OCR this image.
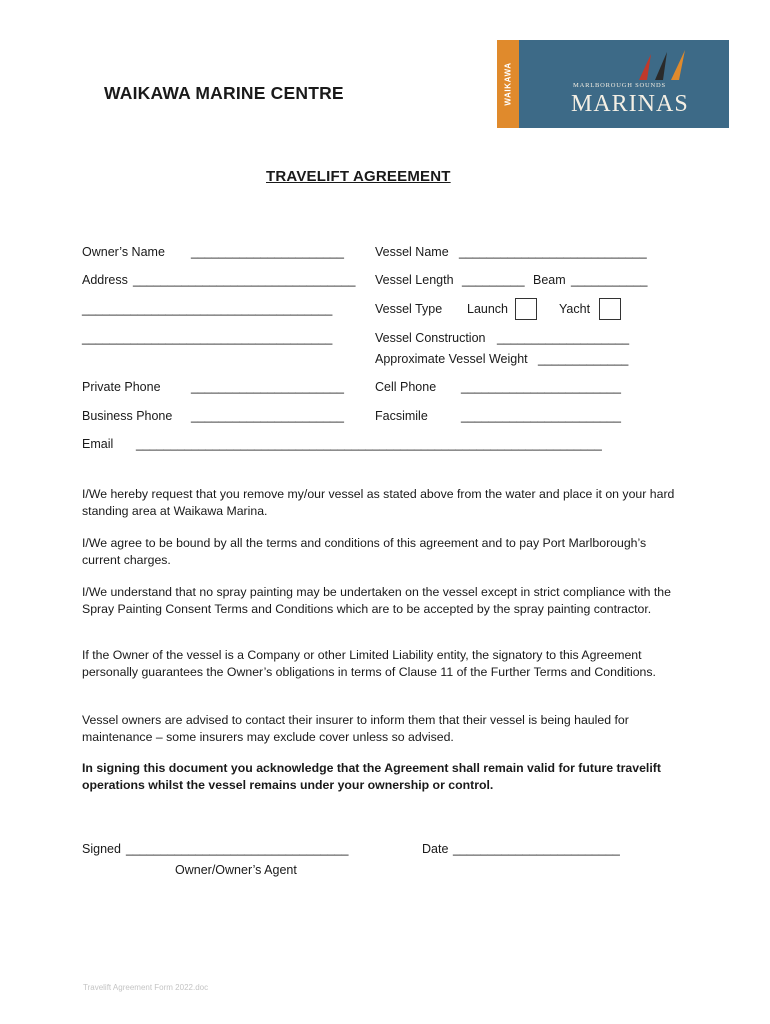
WAIKAWA MARINE CENTRE	WAIKAWA	MARLBOROUGH SOUNDS
MARINAS
TRAVELIFT AGREEMENT
Owner’s Name ______________________
Address ________________________________
____________________________________
____________________________________
Private Phone ______________________
Business Phone ______________________
Email ___________________________________________________________________
Vessel Name ___________________________
Vessel Length _________ Beam ___________
Vessel Type Launch	Yacht
Vessel Construction ___________________
Approximate Vessel Weight _____________
Cell Phone _______________________
Facsimile	_______________________
I/We hereby request that you remove my/our vessel as stated above from the water and place it on your hard standing area at Waikawa Marina.
I/We agree to be bound by all the terms and conditions of this agreement and to pay Port Marlborough’s current charges.
I/We understand that no spray painting may be undertaken on the vessel except in strict compliance with the Spray Painting Consent Terms and Conditions which are to be accepted by the spray painting contractor.
If the Owner of the vessel is a Company or other Limited Liability entity, the signatory to this Agreement personally guarantees the Owner’s obligations in terms of Clause 11 of the Further Terms and Conditions.
Vessel owners are advised to contact their insurer to inform them that their vessel is being hauled for maintenance – some insurers may exclude cover unless so advised.
In signing this document you acknowledge that the Agreement shall remain valid for future travelift operations whilst the vessel remains under your ownership or control.
Signed ________________________________	Date ________________________
Owner/Owner’s Agent
Travelift Agreement Form 2022.doc
